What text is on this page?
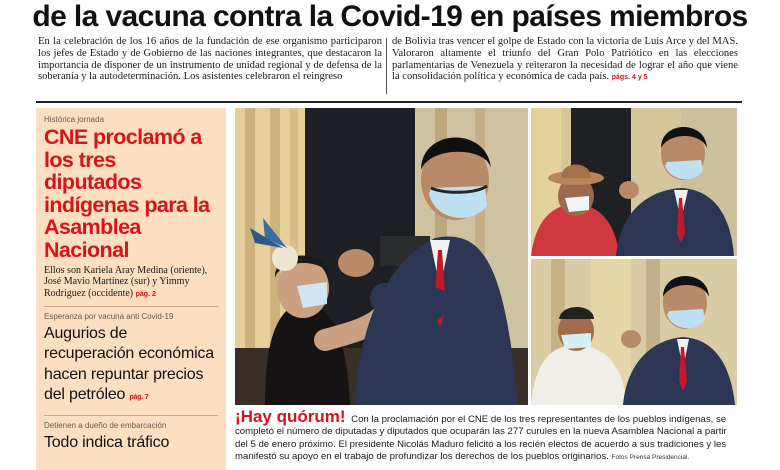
de la vacuna contra la Covid-19 en países miembros
En la celebración de los 16 años de la fundación de ese organismo participaron los jefes de Estado y de Gobierno de las naciones integrantes, que destacaron la importancia de disponer de un instrumento de unidad regional y de defensa de la soberanía y la autodeterminación. Los asistentes celebraron el reingreso
de Bolivia tras vencer el golpe de Estado con la victoria de Luis Arce y del MAS. Valoraron altamente el triunfo del Gran Polo Patriótico en las elecciones parlamentarias de Venezuela y reiteraron la necesidad de lograr el año que viene la consolidación política y económica de cada país. págs. 4 y 5
Histórica jornada
CNE proclamó a los tres diputados indígenas para la Asamblea Nacional
Ellos son Kariela Aray Medina (oriente), José Mavio Martínez (sur) y Yimmy Rodríguez (occidente) pág. 2
Esperanza por vacuna anti Covid-19
Augurios de recuperación económica hacen repuntar precios del petróleo pág. 7
Detienen a dueño de embarcación
Todo indica tráfico
¡Hay quórum! Con la proclamación por el CNE de los tres representantes de los pueblos indígenas, se completó el número de diputadas y diputados que ocuparán las 277 curules en la nueva Asamblea Nacional a partir del 5 de enero próximo. El presidente Nicolás Maduro felicitó a los recién electos de acuerdo a sus tradiciones y les manifestó su apoyo en el trabajo de profundizar los derechos de los pueblos originarios. Fotos Prensa Presidencial.
